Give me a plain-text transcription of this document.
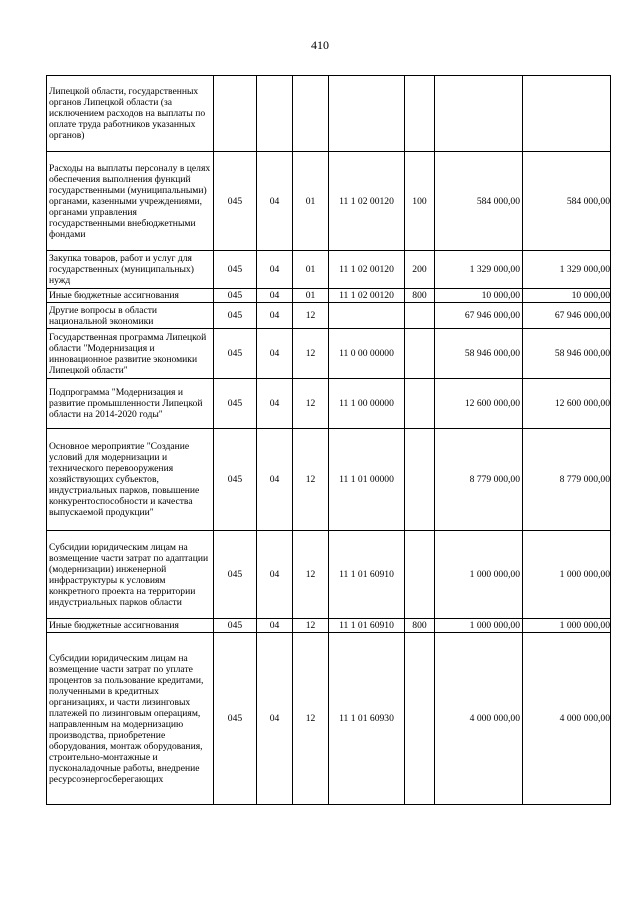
410
Липецкой области, государственных органов Липецкой области (за исключением расходов на выплаты по оплате труда работников указанных органов)							
Расходы на выплаты персоналу в целях обеспечения выполнения функций государственными (муниципальными) органами, казенными учреждениями, органами управления государственными внебюджетными фондами	045	04	01	11 1 02 00120	100	584 000,00	584 000,00
Закупка товаров, работ и услуг для государственных (муниципальных) нужд	045	04	01	11 1 02 00120	200	1 329 000,00	1 329 000,00
Иные бюджетные ассигнования	045	04	01	11 1 02 00120	800	10 000,00	10 000,00
Другие вопросы в области национальной экономики	045	04	12			67 946 000,00	67 946 000,00
Государственная программа Липецкой области "Модернизация и инновационное развитие экономики Липецкой области"	045	04	12	11 0 00 00000		58 946 000,00	58 946 000,00
Подпрограмма "Модернизация и развитие промышленности Липецкой области на 2014-2020 годы"	045	04	12	11 1 00 00000		12 600 000,00	12 600 000,00
Основное мероприятие "Создание условий для модернизации и технического перевооружения хозяйствующих субъектов, индустриальных парков, повышение конкурентоспособности и качества выпускаемой продукции"	045	04	12	11 1 01 00000		8 779 000,00	8 779 000,00
Субсидии юридическим лицам на возмещение части затрат по адаптации (модернизации) инженерной инфраструктуры к условиям конкретного проекта на территории индустриальных парков области	045	04	12	11 1 01 60910		1 000 000,00	1 000 000,00
Иные бюджетные ассигнования	045	04	12	11 1 01 60910	800	1 000 000,00	1 000 000,00
Субсидии юридическим лицам на возмещение части затрат по уплате процентов за пользование кредитами, полученными в кредитных организациях, и части лизинговых платежей по лизинговым операциям, направленным на модернизацию производства, приобретение оборудования, монтаж оборудования, строительно-монтажные и пусконаладочные работы, внедрение ресурсоэнергосберегающих	045	04	12	11 1 01 60930		4 000 000,00	4 000 000,00
